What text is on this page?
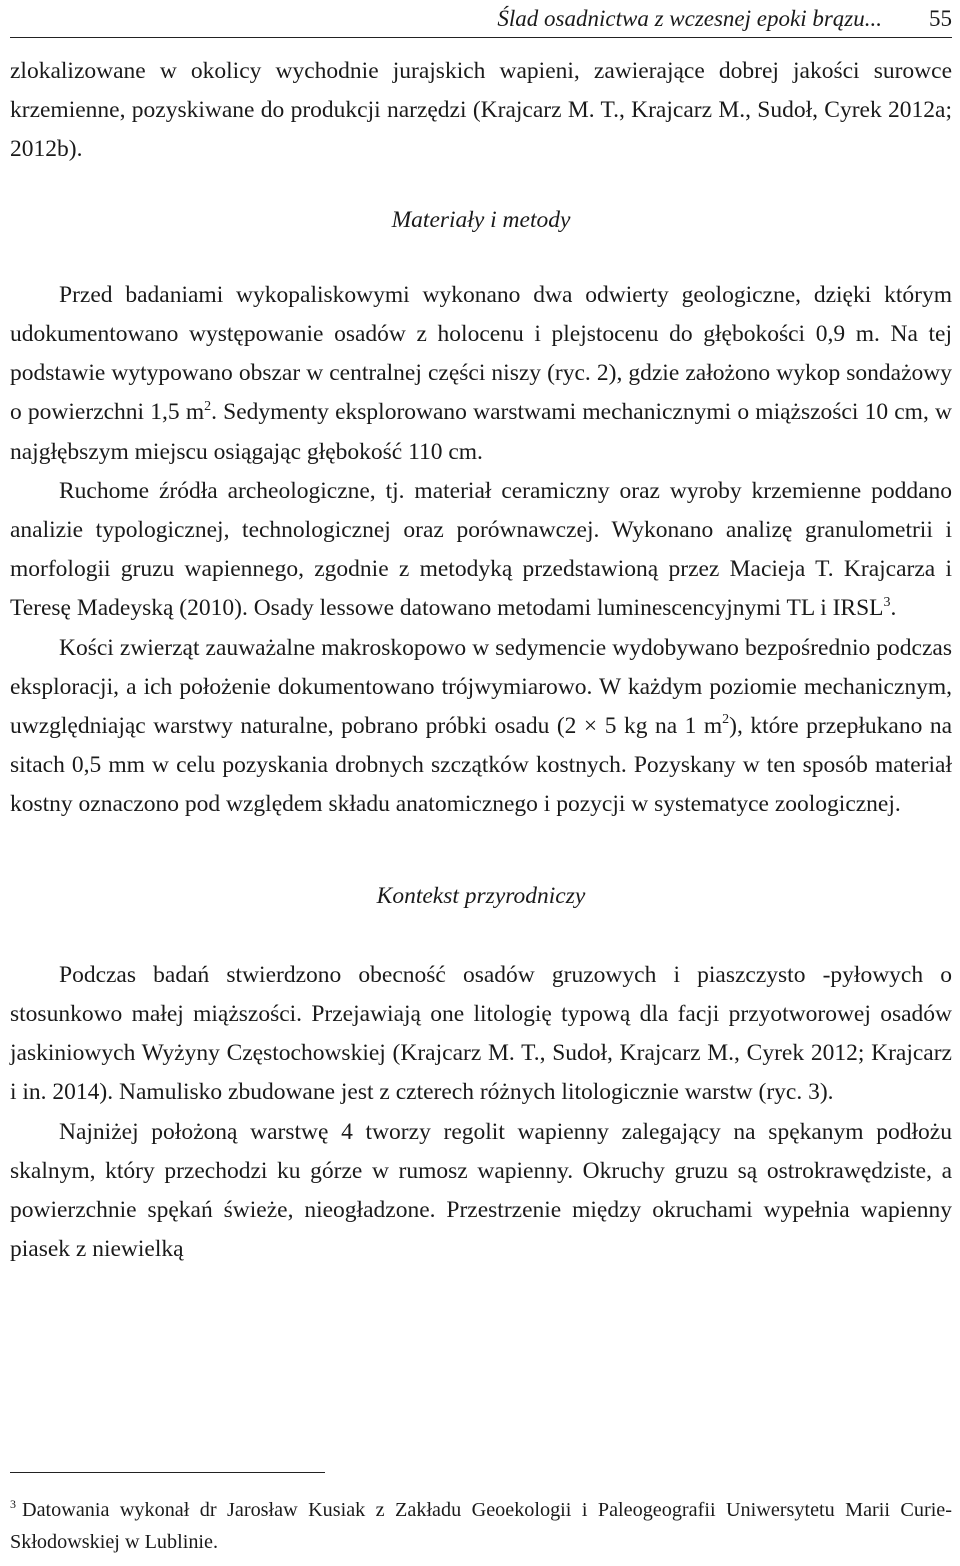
Ślad osadnictwa z wczesnej epoki brązu... 55

zlokalizowane w okolicy wychodnie jurajskich wapieni, zawierające dobrej jakości surowce krzemienne, pozyskiwane do produkcji narzędzi (Krajcarz M. T., Krajcarz M., Sudoł, Cyrek 2012a; 2012b).

Materiały i metody

Przed badaniami wykopaliskowymi wykonano dwa odwierty geologiczne, dzięki którym udokumentowano występowanie osadów z holocenu i plejstocenu do głębokości 0,9 m. Na tej podstawie wytypowano obszar w centralnej części niszy (ryc. 2), gdzie założono wykop sondażowy o powierzchni 1,5 $m^2$. Sedymenty eksplorowano warstwami mechanicznymi o miąższości 10 cm, w najgłębszym miejscu osiągając głębokość 110 cm.

Ruchome źródła archeologiczne, tj. materiał ceramiczny oraz wyroby krzemienne poddano analizie typologicznej, technologicznej oraz porównawczej. Wykonano analizę granulometrii i morfologii gruzu wapiennego, zgodnie z metodyką przedstawioną przez Macieja T. Krajcarza i Teresę Madeyską (2010). Osady lessowe datowano metodami luminescencyjnymi TL i IRSL$^3$.

Kości zwierząt zauważalne makroskopowo w sedymencie wydobywano bezpośrednio podczas eksploracji, a ich położenie dokumentowano trójwymiarowo. W każdym poziomie mechanicznym, uwzględniając warstwy naturalne, pobrano próbki osadu (2 × 5 kg na 1 $m^2$), które przepłukano na sitach 0,5 mm w celu pozyskania drobnych szczątków kostnych. Pozyskany w ten sposób materiał kostny oznaczono pod względem składu anatomicznego i pozycji w systematyce zoologicznej.

Kontekst przyrodniczy

Podczas badań stwierdzono obecność osadów gruzowych i piaszczysto -pyłowych o stosunkowo małej miąższości. Przejawiają one litologię typową dla facji przyotworowej osadów jaskiniowych Wyżyny Częstochowskiej (Krajcarz M. T., Sudoł, Krajcarz M., Cyrek 2012; Krajcarz i in. 2014). Namulisko zbudowane jest z czterech różnych litologicznie warstw (ryc. 3).

Najniżej położoną warstwę 4 tworzy regolit wapienny zalegający na spękanym podłożu skalnym, który przechodzi ku górze w rumosz wapienny. Okruchy gruzu są ostrokrawędziste, a powierzchnie spękań świeże, nieogładzone. Przestrzenie między okruchami wypełnia wapienny piasek z niewielką

$^3$ Datowania wykonał dr Jarosław Kusiak z Zakładu Geoekologii i Paleogeografii Uniwersytetu Marii Curie-Skłodowskiej w Lublinie.
